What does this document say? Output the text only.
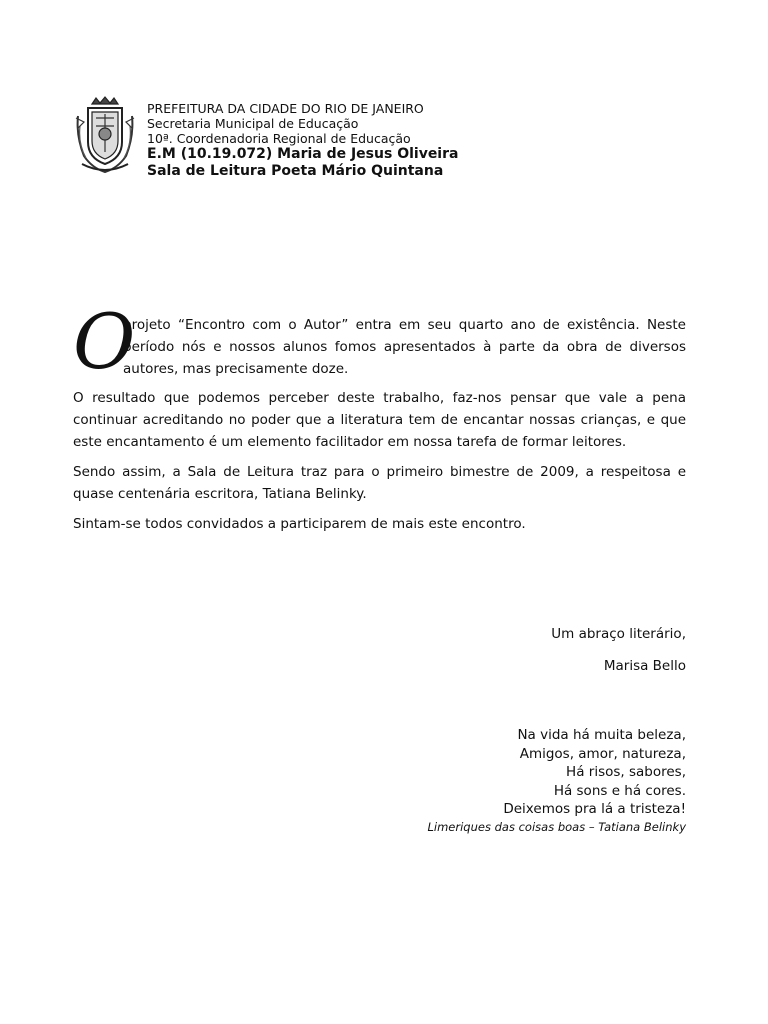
PREFEITURA DA CIDADE DO RIO DE JANEIRO
Secretaria Municipal de Educação
10ª. Coordenadoria Regional de Educação
E.M (10.19.072) Maria de Jesus Oliveira
Sala de Leitura Poeta Mário Quintana

O
projeto “Encontro com o Autor” entra em seu quarto ano de existência. Neste período nós e nossos alunos fomos apresentados à parte da obra de diversos autores, mas precisamente doze.

O resultado que podemos perceber deste trabalho, faz-nos pensar que vale a pena continuar acreditando no poder que a literatura tem de encantar nossas crianças, e que este encantamento é um elemento facilitador em nossa tarefa de formar leitores.

Sendo assim, a Sala de Leitura traz para o primeiro bimestre de 2009, a respeitosa e quase centenária escritora, Tatiana Belinky.

Sintam-se todos convidados a participarem de mais este encontro.

Um abraço literário,
Marisa Bello
Na vida há muita beleza,
Amigos, amor, natureza,
Há risos, sabores,
Há sons e há cores.
Deixemos pra lá a tristeza!
Limeriques das coisas boas – Tatiana Belinky
